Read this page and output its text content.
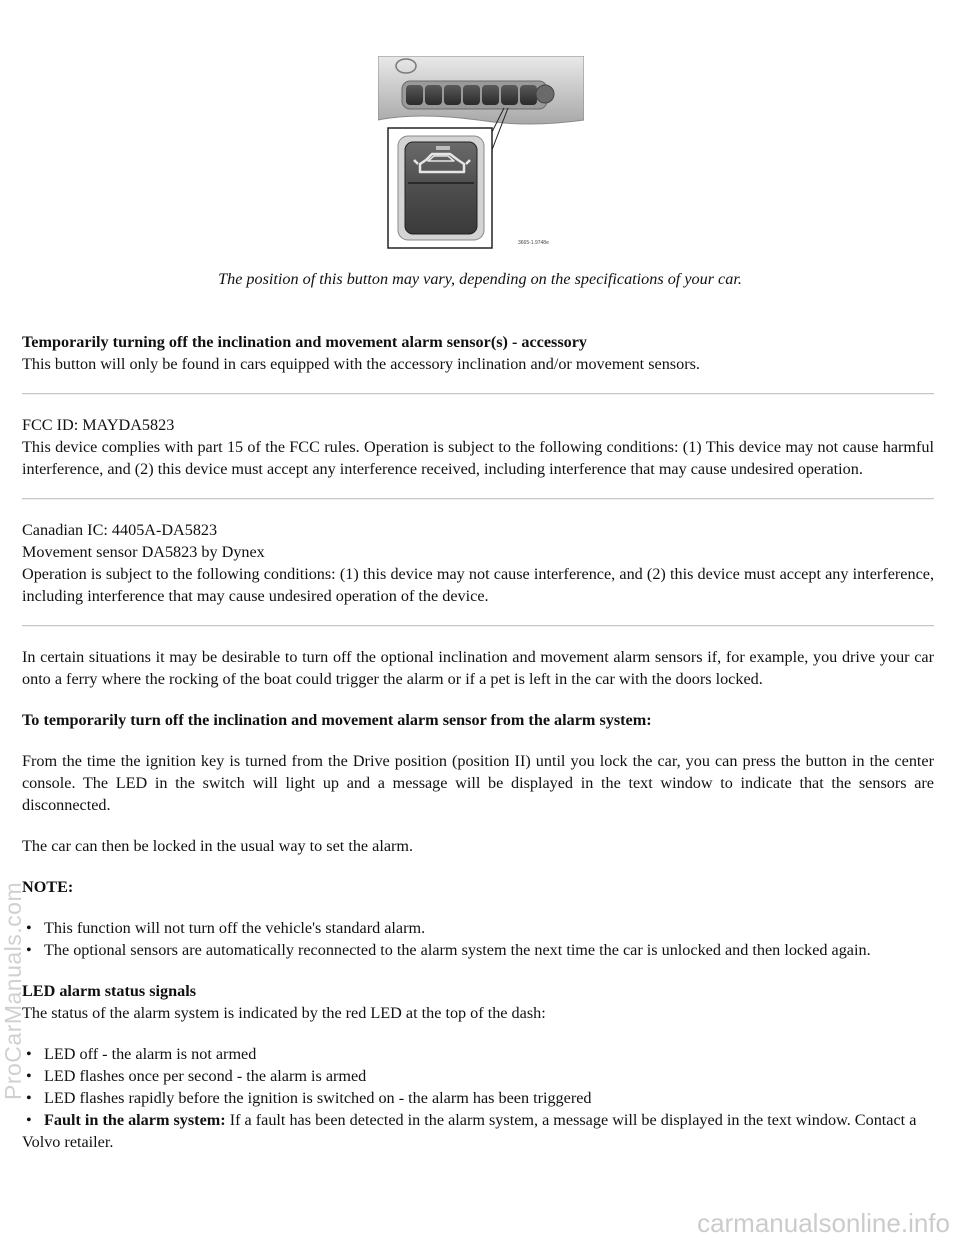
3665-1.9748e
The position of this button may vary, depending on the specifications of your car.

Temporarily turning off the inclination and movement alarm sensor(s) - accessory

This button will only be found in cars equipped with the accessory inclination and/or movement sensors.

FCC ID: MAYDA5823

This device complies with part 15 of the FCC rules. Operation is subject to the following conditions: (1) This device may not cause harmful interference, and (2) this device must accept any interference received, including interference that may cause undesired operation.

Canadian IC: 4405A-DA5823

Movement sensor DA5823 by Dynex

Operation is subject to the following conditions: (1) this device may not cause interference, and (2) this device must accept any interference, including interference that may cause undesired operation of the device.

In certain situations it may be desirable to turn off the optional inclination and movement alarm sensors if, for example, you drive your car onto a ferry where the rocking of the boat could trigger the alarm or if a pet is left in the car with the doors locked.

To temporarily turn off the inclination and movement alarm sensor from the alarm system:

From the time the ignition key is turned from the Drive position (position II) until you lock the car, you can press the button in the center console. The LED in the switch will light up and a message will be displayed in the text window to indicate that the sensors are disconnected.

The car can then be locked in the usual way to set the alarm.

NOTE:

• This function will not turn off the vehicle's standard alarm.
• The optional sensors are automatically reconnected to the alarm system the next time the car is unlocked and then locked again.

LED alarm status signals

The status of the alarm system is indicated by the red LED at the top of the dash:

• LED off - the alarm is not armed
• LED flashes once per second - the alarm is armed
• LED flashes rapidly before the ignition is switched on - the alarm has been triggered
• Fault in the alarm system: If a fault has been detected in the alarm system, a message will be displayed in the text window. Contact a Volvo retailer.
ProCarManuals.com
carmanualsonline.info
